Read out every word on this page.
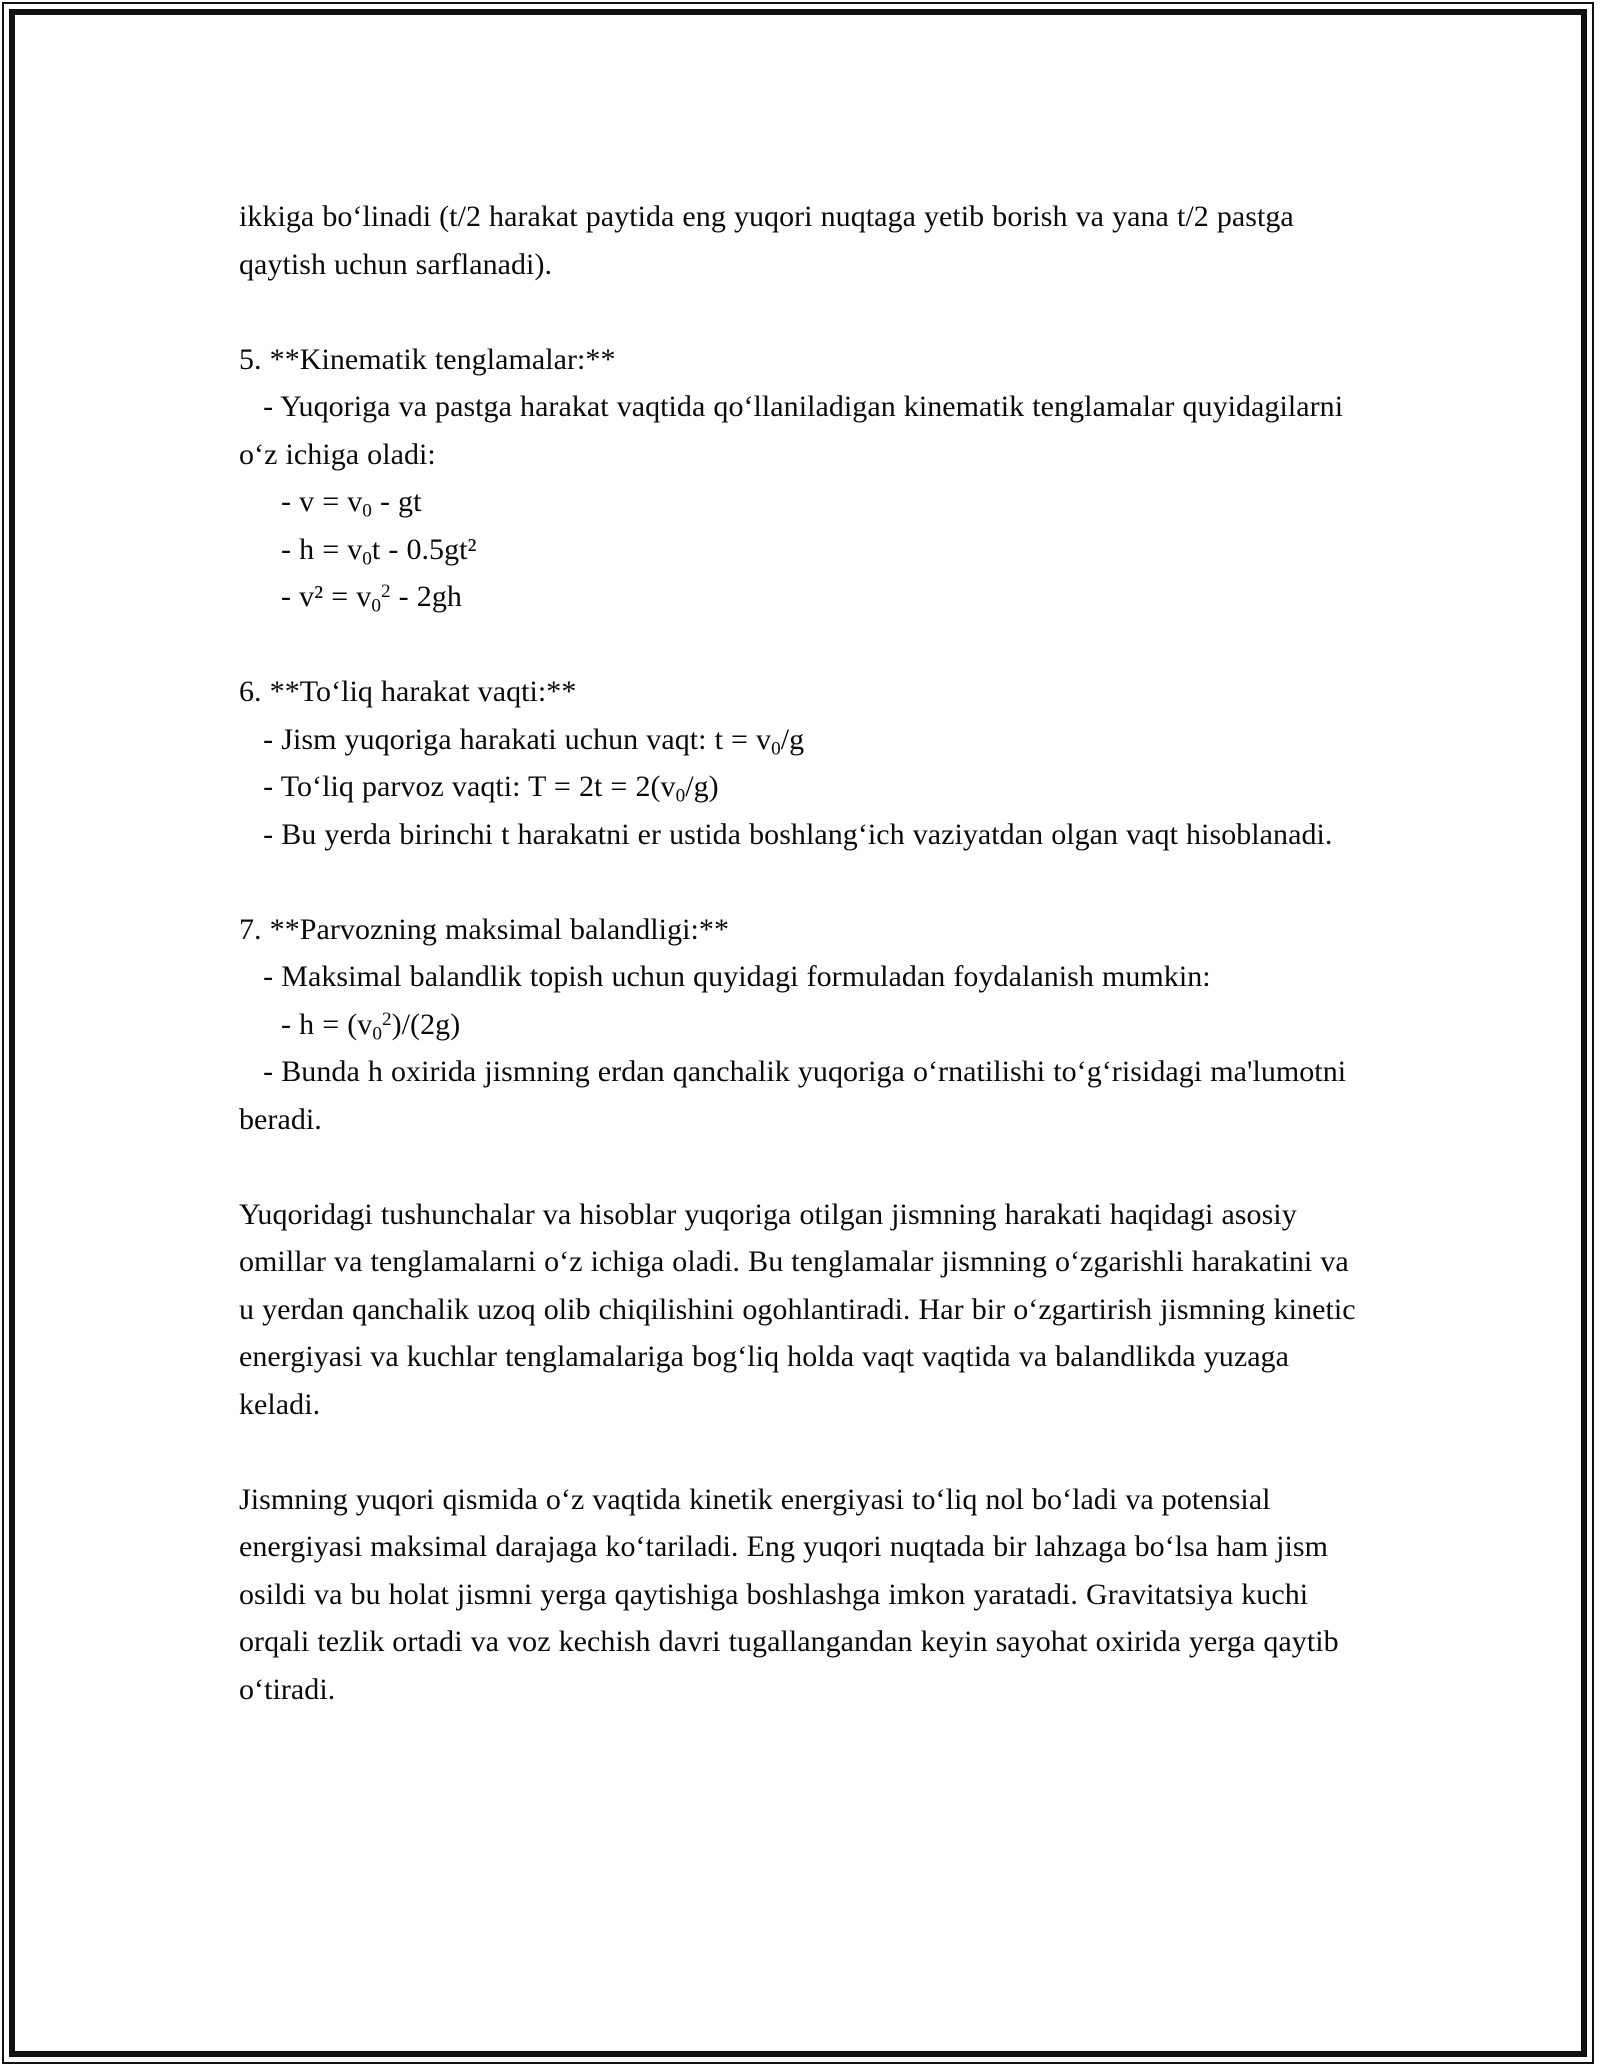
ikkiga bo‘linadi (t/2 harakat paytida eng yuqori nuqtaga yetib borish va yana t/2 pastga qaytish uchun sarflanadi).

5. **Kinematik tenglamalar:**
- Yuqoriga va pastga harakat vaqtida qo‘llaniladigan kinematik tenglamalar quyidagilarni o‘z ichiga oladi:
- $v = v_0$ - gt
- $h = v_0t - 0.5gt^2$
- $v^2 = v_0^2 - 2gh$

6. **To‘liq harakat vaqti:**
- Jism yuqoriga harakati uchun vaqt: $t = v_0/g$
- To‘liq parvoz vaqti: $T = 2t = 2(v_0/g)$
- Bu yerda birinchi t harakatni er ustida boshlang‘ich vaziyatdan olgan vaqt hisoblanadi.

7. **Parvozning maksimal balandligi:**
- Maksimal balandlik topish uchun quyidagi formuladan foydalanish mumkin:
- $h = (v_0^2)/(2g)$
- Bunda h oxirida jismning erdan qanchalik yuqoriga o‘rnatilishi to‘g‘risidagi ma'lumotni beradi.

Yuqoridagi tushunchalar va hisoblar yuqoriga otilgan jismning harakati haqidagi asosiy omillar va tenglamalarni o‘z ichiga oladi. Bu tenglamalar jismning o‘zgarishli harakatini va u yerdan qanchalik uzoq olib chiqilishini ogohlantiradi. Har bir o‘zgartirish jismning kinetic energiyasi va kuchlar tenglamalariga bog‘liq holda vaqt vaqtida va balandlikda yuzaga keladi.

Jismning yuqori qismida o‘z vaqtida kinetik energiyasi to‘liq nol bo‘ladi va potensial energiyasi maksimal darajaga ko‘tariladi. Eng yuqori nuqtada bir lahzaga bo‘lsa ham jism osildi va bu holat jismni yerga qaytishiga boshlashga imkon yaratadi. Gravitatsiya kuchi orqali tezlik ortadi va voz kechish davri tugallangandan keyin sayohat oxirida yerga qaytib o‘tiradi.
